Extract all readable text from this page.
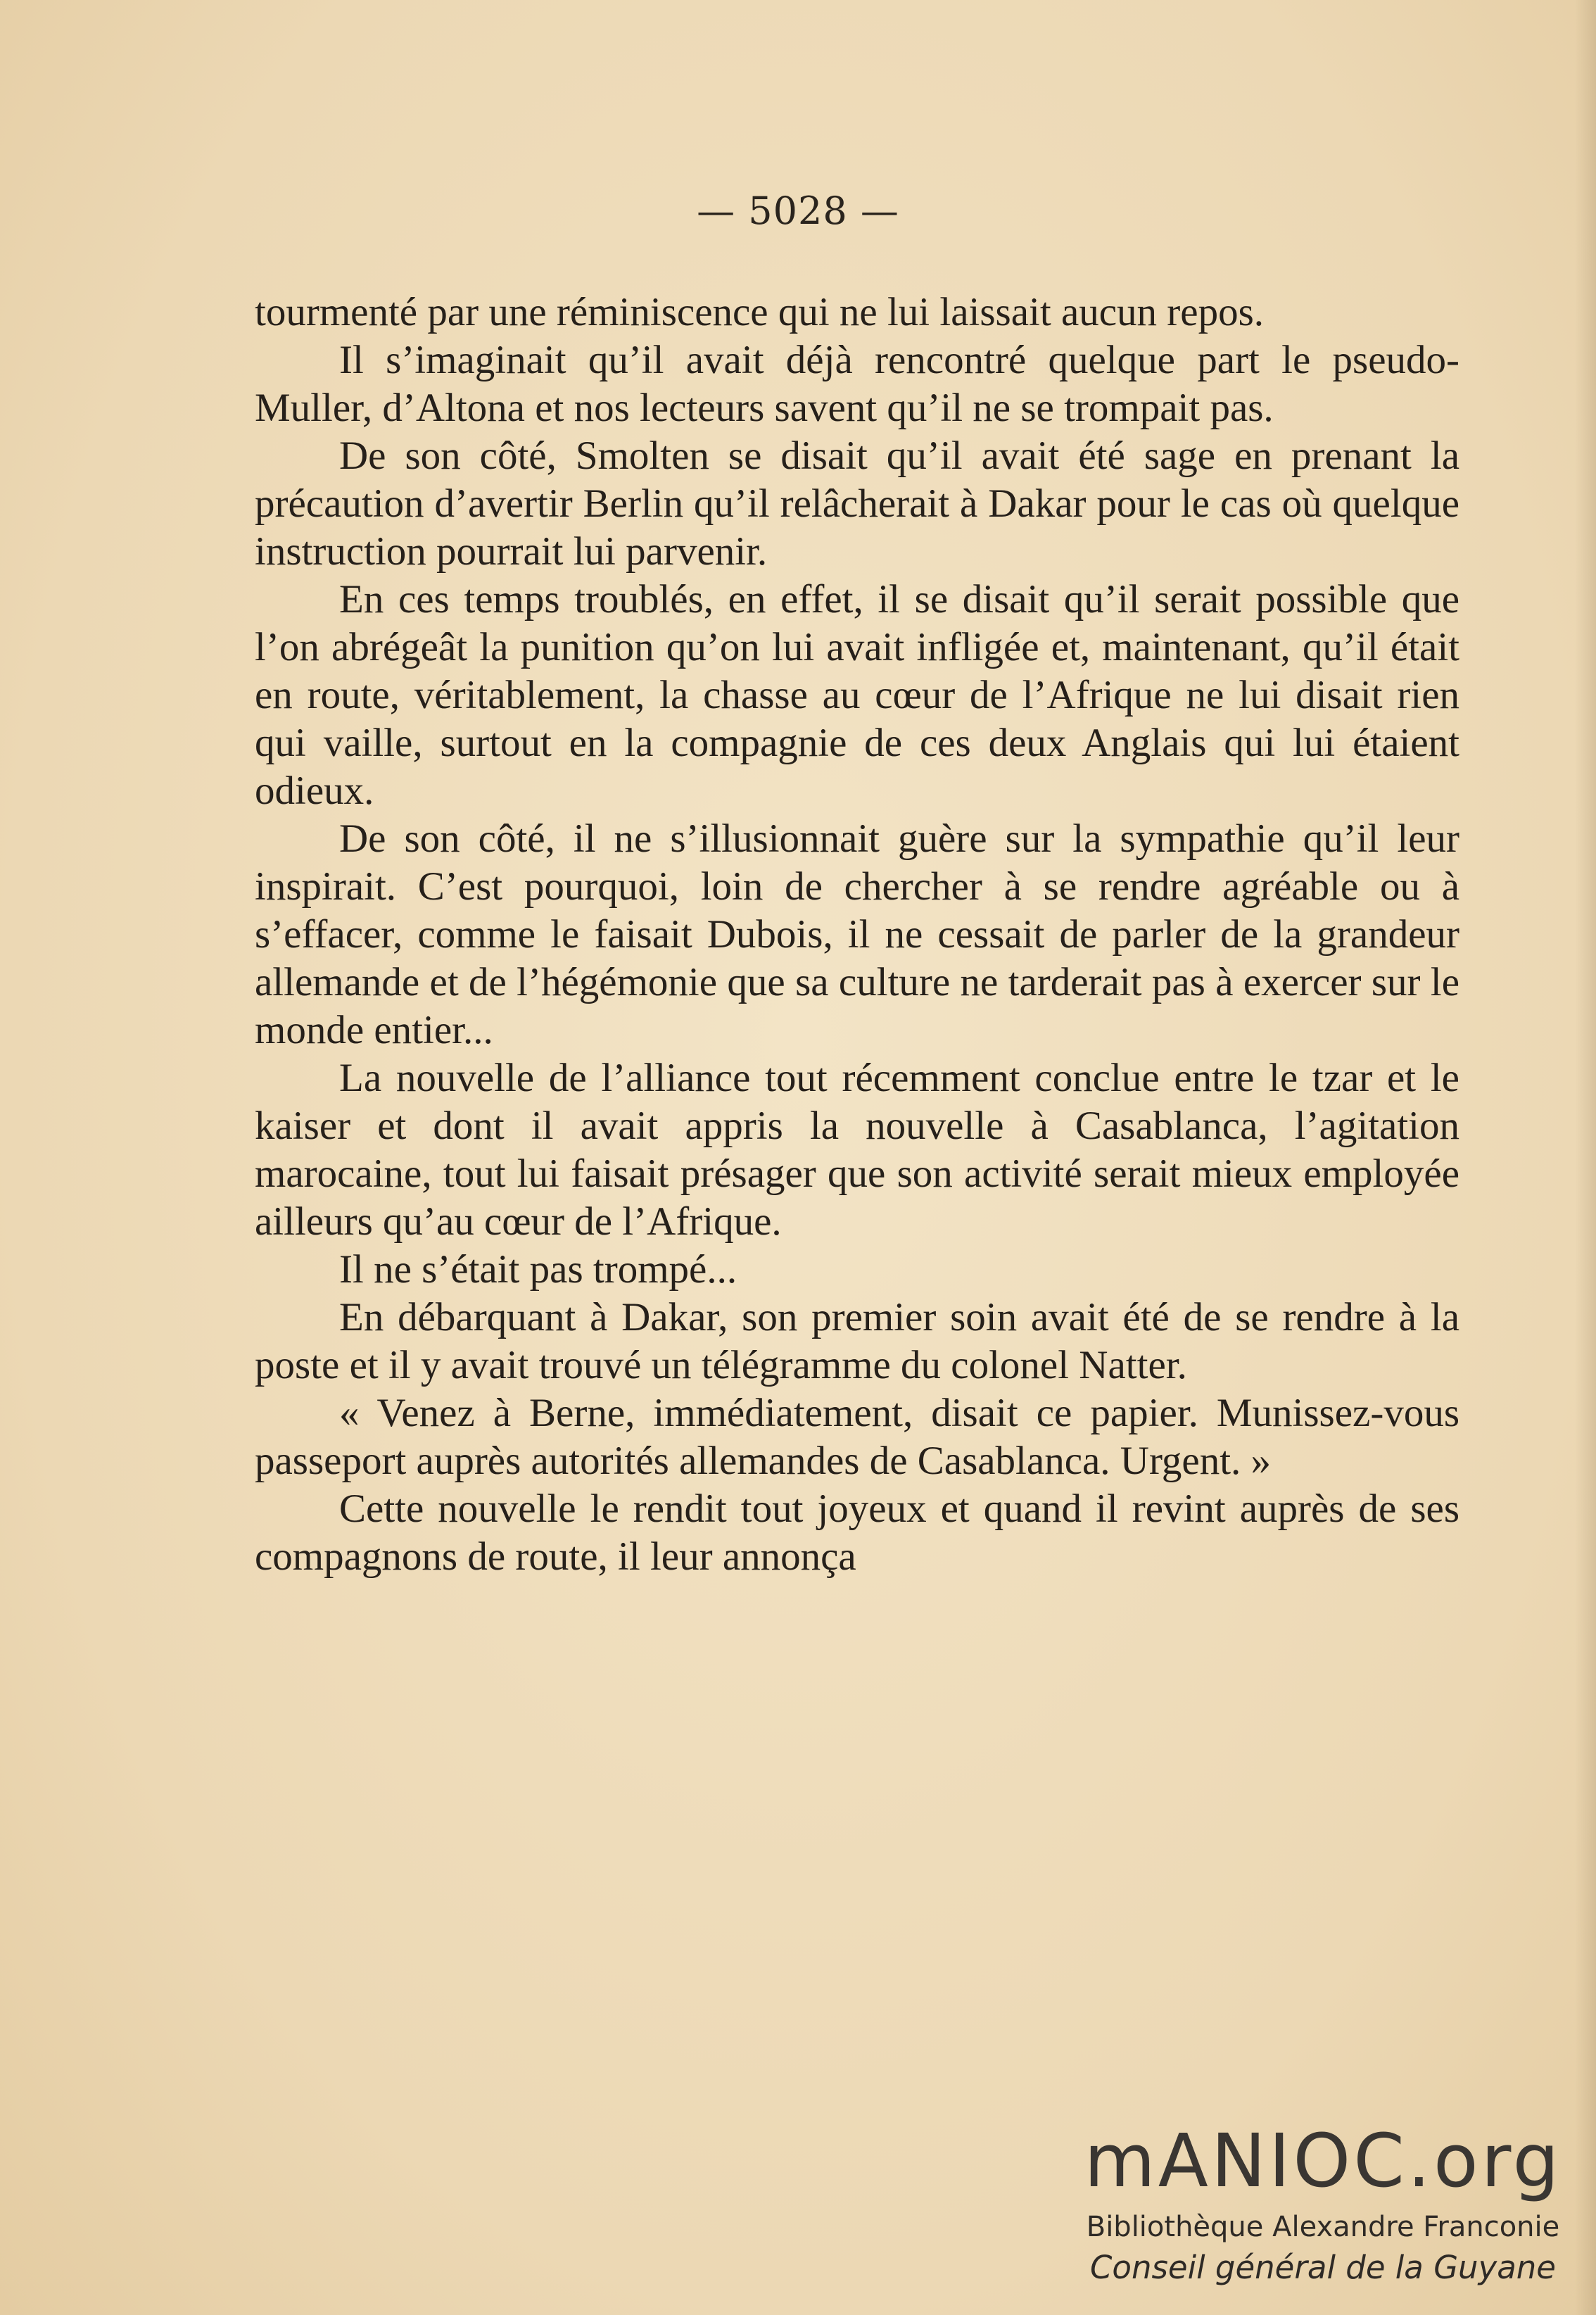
— 5028 —

tourmenté par une réminiscence qui ne lui laissait aucun repos.

Il s’imaginait qu’il avait déjà rencontré quelque part le pseudo-Muller, d’Altona et nos lecteurs savent qu’il ne se trompait pas.

De son côté, Smolten se disait qu’il avait été sage en prenant la précaution d’avertir Berlin qu’il relâcherait à Dakar pour le cas où quelque instruction pourrait lui parvenir.

En ces temps troublés, en effet, il se disait qu’il serait possible que l’on abrégeât la punition qu’on lui avait infligée et, maintenant, qu’il était en route, véritablement, la chasse au cœur de l’Afrique ne lui disait rien qui vaille, surtout en la compagnie de ces deux Anglais qui lui étaient odieux.

De son côté, il ne s’illusionnait guère sur la sympathie qu’il leur inspirait. C’est pourquoi, loin de chercher à se rendre agréable ou à s’effacer, comme le faisait Dubois, il ne cessait de parler de la grandeur allemande et de l’hégémonie que sa culture ne tarderait pas à exercer sur le monde entier...

La nouvelle de l’alliance tout récemment conclue entre le tzar et le kaiser et dont il avait appris la nouvelle à Casablanca, l’agitation marocaine, tout lui faisait présager que son activité serait mieux employée ailleurs qu’au cœur de l’Afrique.

Il ne s’était pas trompé...

En débarquant à Dakar, son premier soin avait été de se rendre à la poste et il y avait trouvé un télégramme du colonel Natter.

« Venez à Berne, immédiatement, disait ce papier. Munissez-vous passeport auprès autorités allemandes de Casablanca. Urgent. »

Cette nouvelle le rendit tout joyeux et quand il revint auprès de ses compagnons de route, il leur annonça

mANIOC.org
Bibliothèque Alexandre Franconie
Conseil général de la Guyane
